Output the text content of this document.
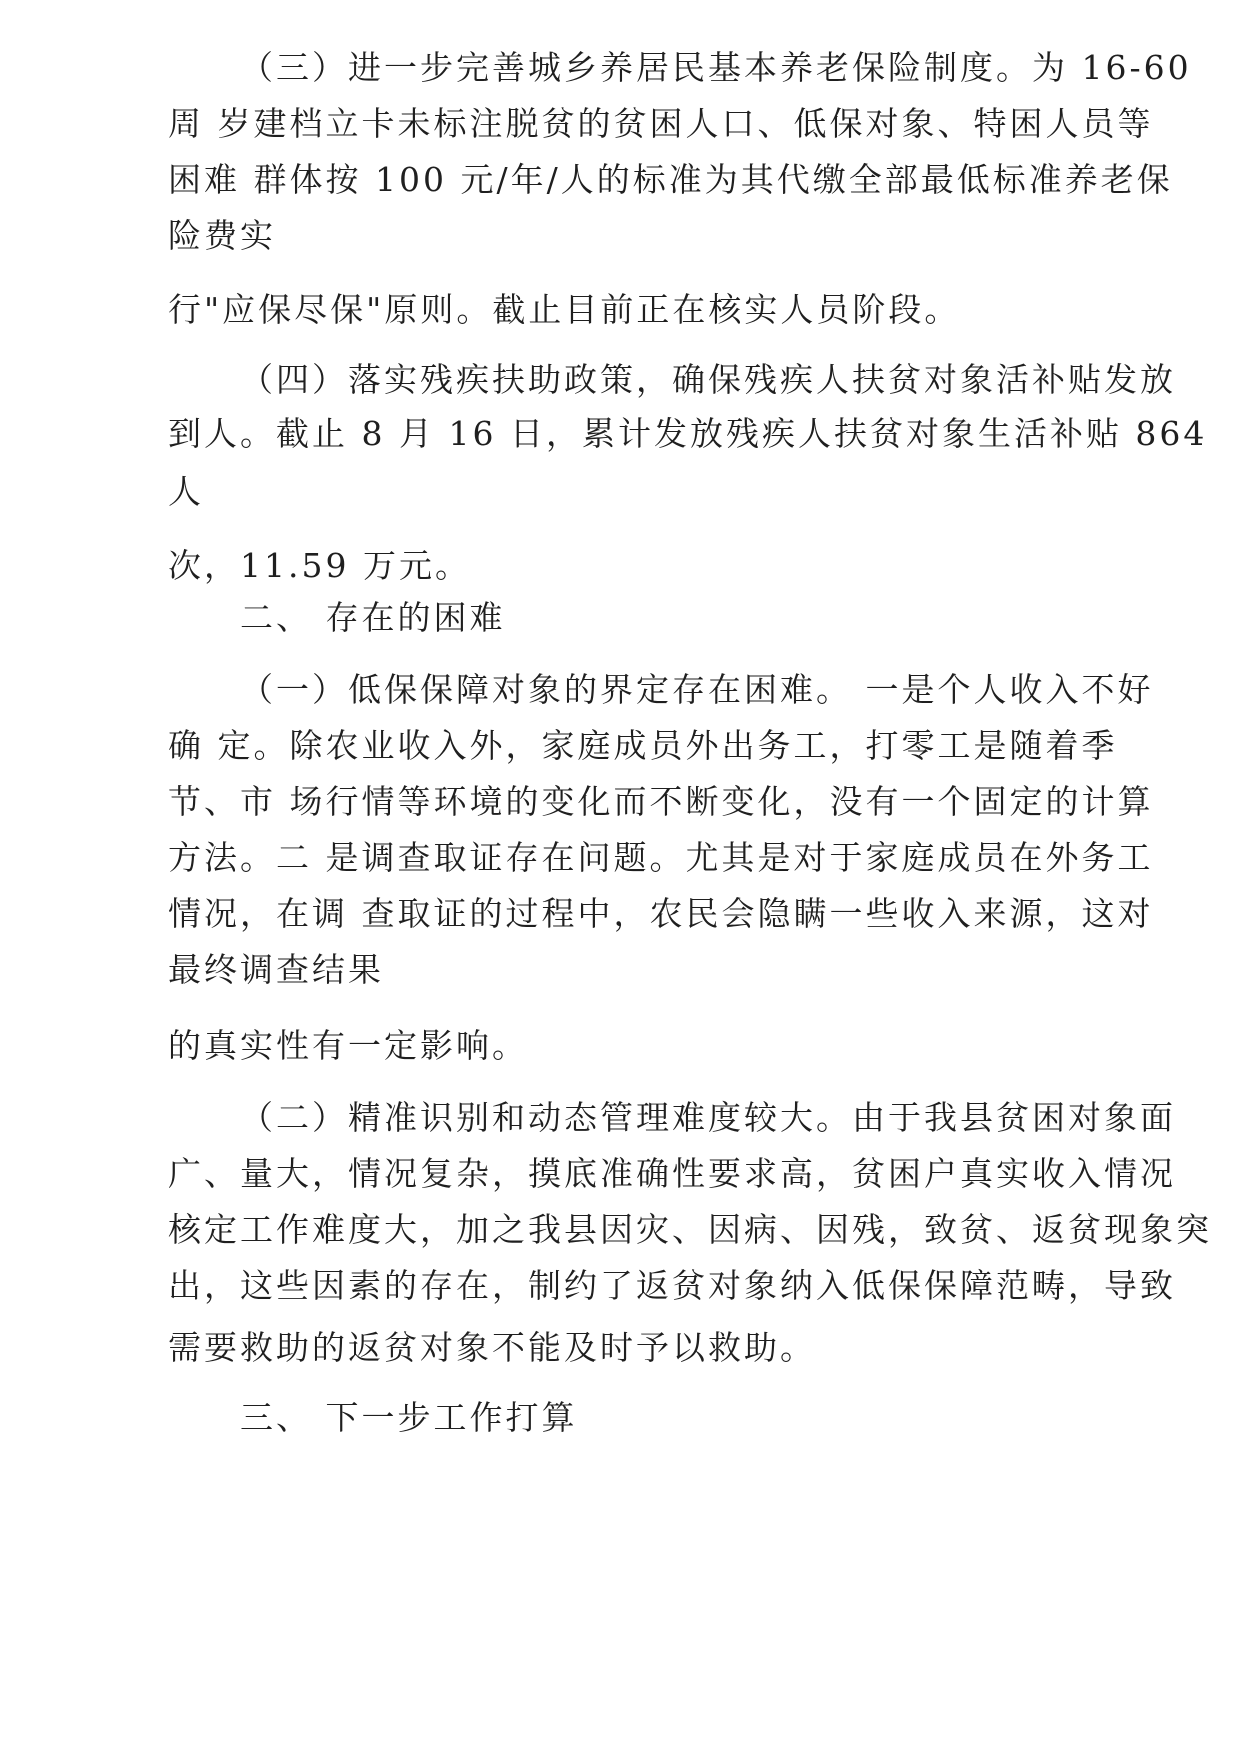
（三）进一步完善城乡养居民基本养老保险制度。为 16-60

周 岁建档立卡未标注脱贫的贫困人口、低保对象、特困人员等

困难 群体按 100 元/年/人的标准为其代缴全部最低标准养老保

险费实

行"应保尽保"原则。截止目前正在核实人员阶段。

（四）落实残疾扶助政策，确保残疾人扶贫对象活补贴发放

到人。截止 8 月 16 日，累计发放残疾人扶贫对象生活补贴 864

人

次，11.59 万元。

二、 存在的困难

（一）低保保障对象的界定存在困难。 一是个人收入不好

确 定。除农业收入外，家庭成员外出务工，打零工是随着季

节、市 场行情等环境的变化而不断变化，没有一个固定的计算

方法。二 是调查取证存在问题。尤其是对于家庭成员在外务工

情况，在调 查取证的过程中，农民会隐瞒一些收入来源，这对

最终调查结果

的真实性有一定影响。

（二）精准识别和动态管理难度较大。由于我县贫困对象面

广、量大，情况复杂，摸底准确性要求高，贫困户真实收入情况

核定工作难度大，加之我县因灾、因病、因残，致贫、返贫现象突

出，这些因素的存在，制约了返贫对象纳入低保保障范畴，导致

需要救助的返贫对象不能及时予以救助。

三、 下一步工作打算
